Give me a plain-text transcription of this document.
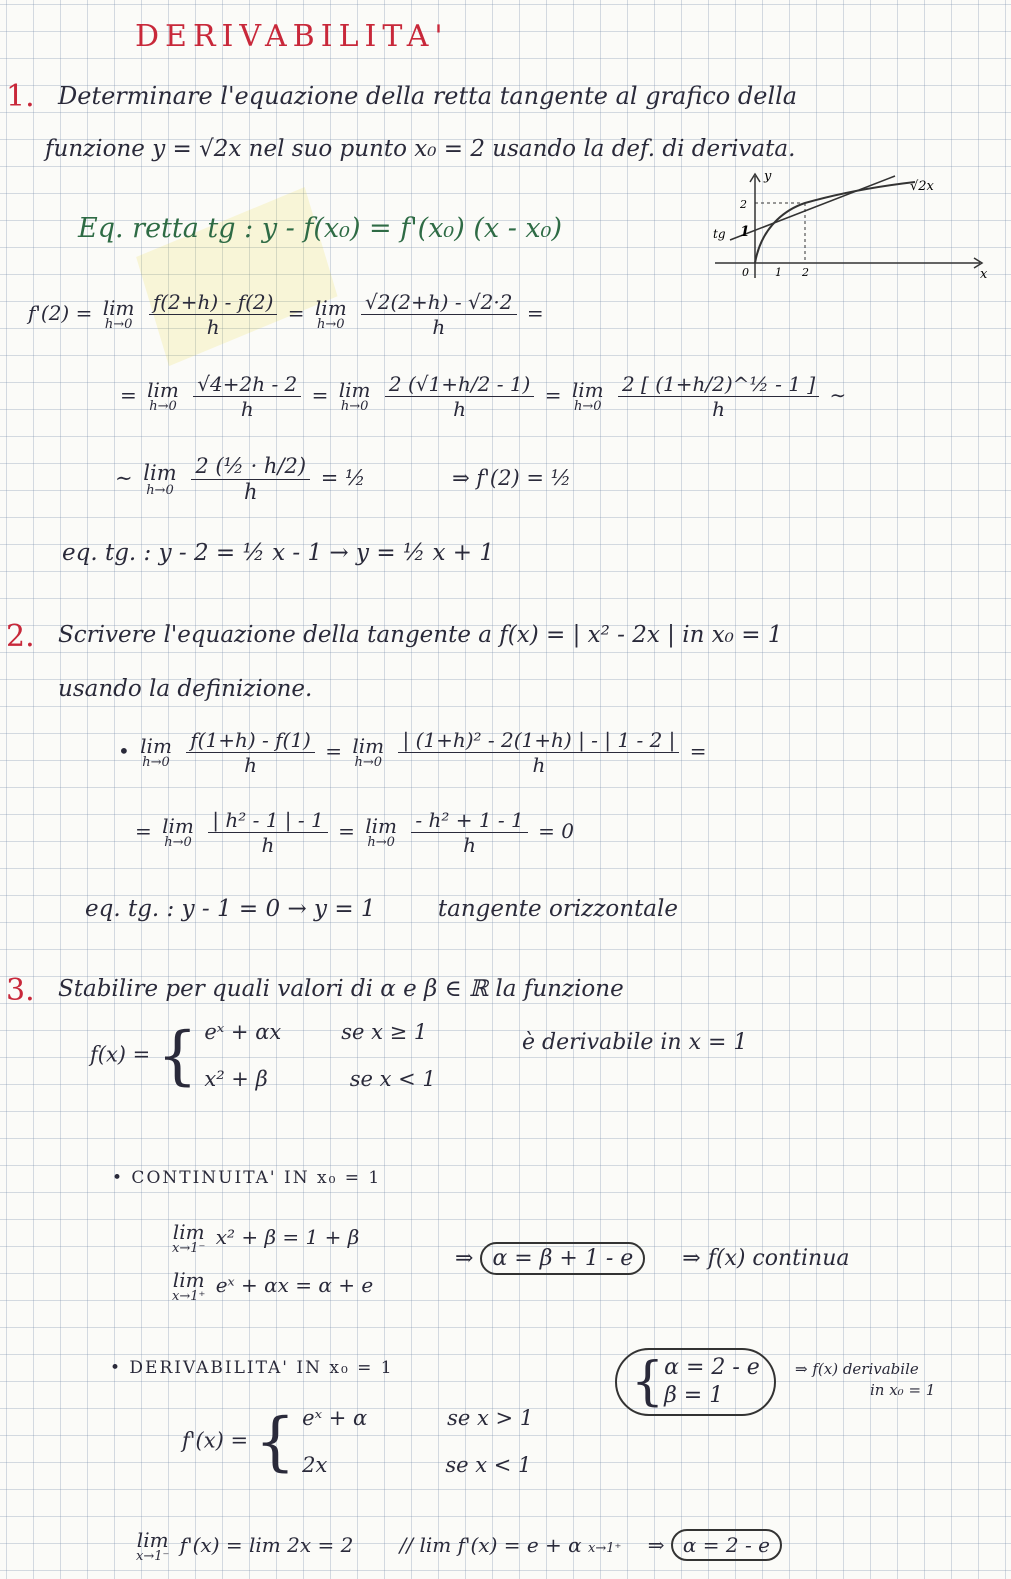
DERIVABILITA'
1. Determinare l'equazione della retta tangente al grafico della
funzione y = √2x nel suo punto x₀ = 2 usando la def. di derivata.
Eq. retta tg : y - f(x₀) = f'(x₀) (x - x₀)
y
x
√2x
2
1 2
0
1
tg
f'(2) = lim
h→0
$\frac{f(2+h) - f(2)}{h} = \lim$
h→0
$\frac{√2(2+h) - √2\cdot 2}{h}$ =
= lim
h→0
$\frac{√4+2h - 2}{h} = \lim$
h→0
$\frac{2 (√1+h/2 - 1)}{h} = \lim$
h→0
$\frac{\text{2 [ (1+h/2)\textasciicircum{}½ - 1 ]}}{h}$ ∼
∼ lim
h→0
$\frac{\text{2 (½ · h/2)}}{h}$ = ½	⇒ f'(2) = ½
eq. tg. : y - 2 = ½ x - 1 → y = ½ x + 1
2. Scrivere l'equazione della tangente a f(x) = | x² - 2x | in x₀ = 1
usando la definizione.
• lim
h→0
$\frac{f(1+h) - f(1)}{h} = \lim$
h→0
$\frac{\text{| (1+h)² - 2(1+h) | - | 1 - 2 |}}{h}$ =
= lim
h→0
$\frac{\text{| h² - 1 | - 1}}{h} = \lim$
h→0
$\frac{\text{- h² + 1 - 1}}{h} = 0$
eq. tg. : y - 1 = 0 → y = 1	tangente orizzontale
3. Stabilire per quali valori di α e β ∈ ℝ la funzione
f(x) = { eˣ + αx	se x ≥ 1
x² + β	se x < 1
è derivabile in x = 1
• CONTINUITA' IN x₀ = 1
lim
x→1⁻ x² + β = 1 + β
lim
x→1⁺ eˣ + αx = α + e
⇒ α = β + 1 - e ⇒ f(x) continua
• DERIVABILITA' IN x₀ = 1	{ α = 2 - e
β = 1
⇒ f(x) derivabile
in x₀ = 1
f'(x) = { eˣ + α	se x > 1
2x	se x < 1
lim
x→1⁻ f'(x) = lim 2x = 2 // lim f'(x) = e + α x→1⁺ ⇒ α = 2 - e
